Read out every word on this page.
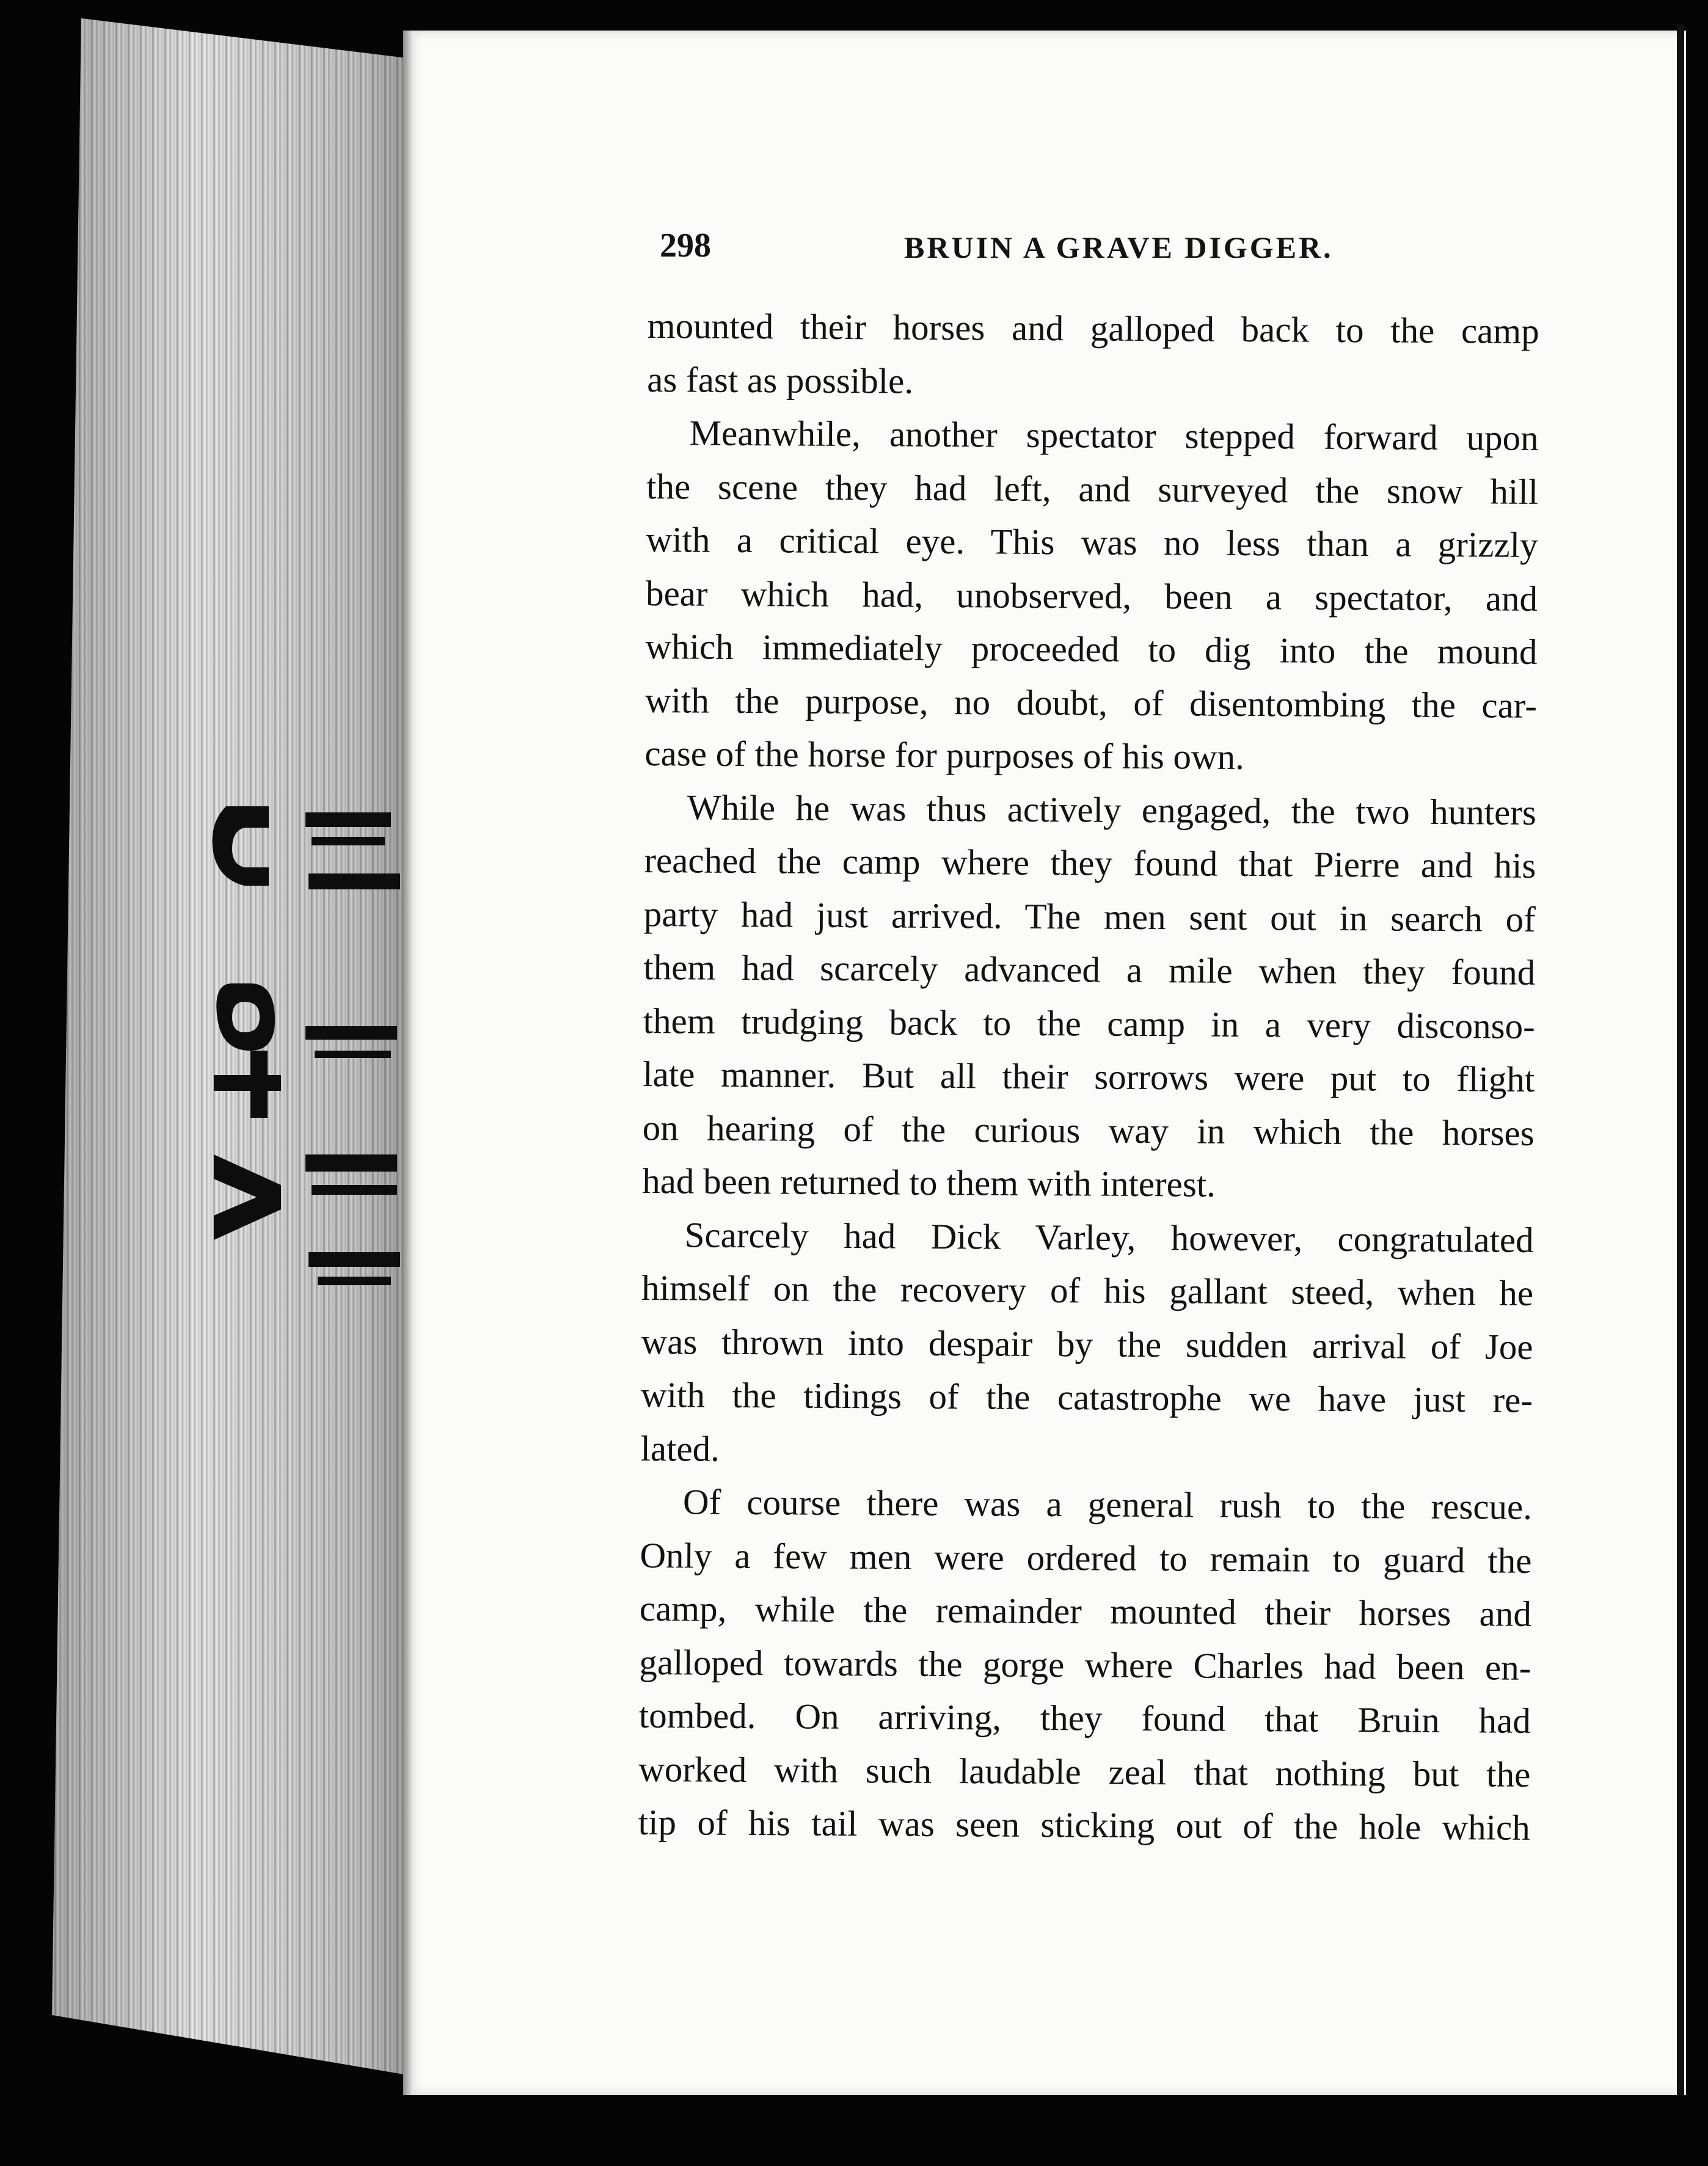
298	BRUIN A GRAVE DIGGER.
mounted their horses and galloped back to the camp
as fast as possible.
Meanwhile, another spectator stepped forward upon
the scene they had left, and surveyed the snow hill
with a critical eye. This was no less than a grizzly
bear which had, unobserved, been a spectator, and
which immediately proceeded to dig into the mound
with the purpose, no doubt, of disentombing the car-
case of the horse for purposes of his own.
While he was thus actively engaged, the two hunters
reached the camp where they found that Pierre and his
party had just arrived. The men sent out in search of
them had scarcely advanced a mile when they found
them trudging back to the camp in a very disconso-
late manner. But all their sorrows were put to flight
on hearing of the curious way in which the horses
had been returned to them with interest.
Scarcely had Dick Varley, however, congratulated
himself on the recovery of his gallant steed, when he
was thrown into despair by the sudden arrival of Joe
with the tidings of the catastrophe we have just re-
lated.
Of course there was a general rush to the rescue.
Only a few men were ordered to remain to guard the
camp, while the remainder mounted their horses and
galloped towards the gorge where Charles had been en-
tombed. On arriving, they found that Bruin had
worked with such laudable zeal that nothing but the
tip of his tail was seen sticking out of the hole which
